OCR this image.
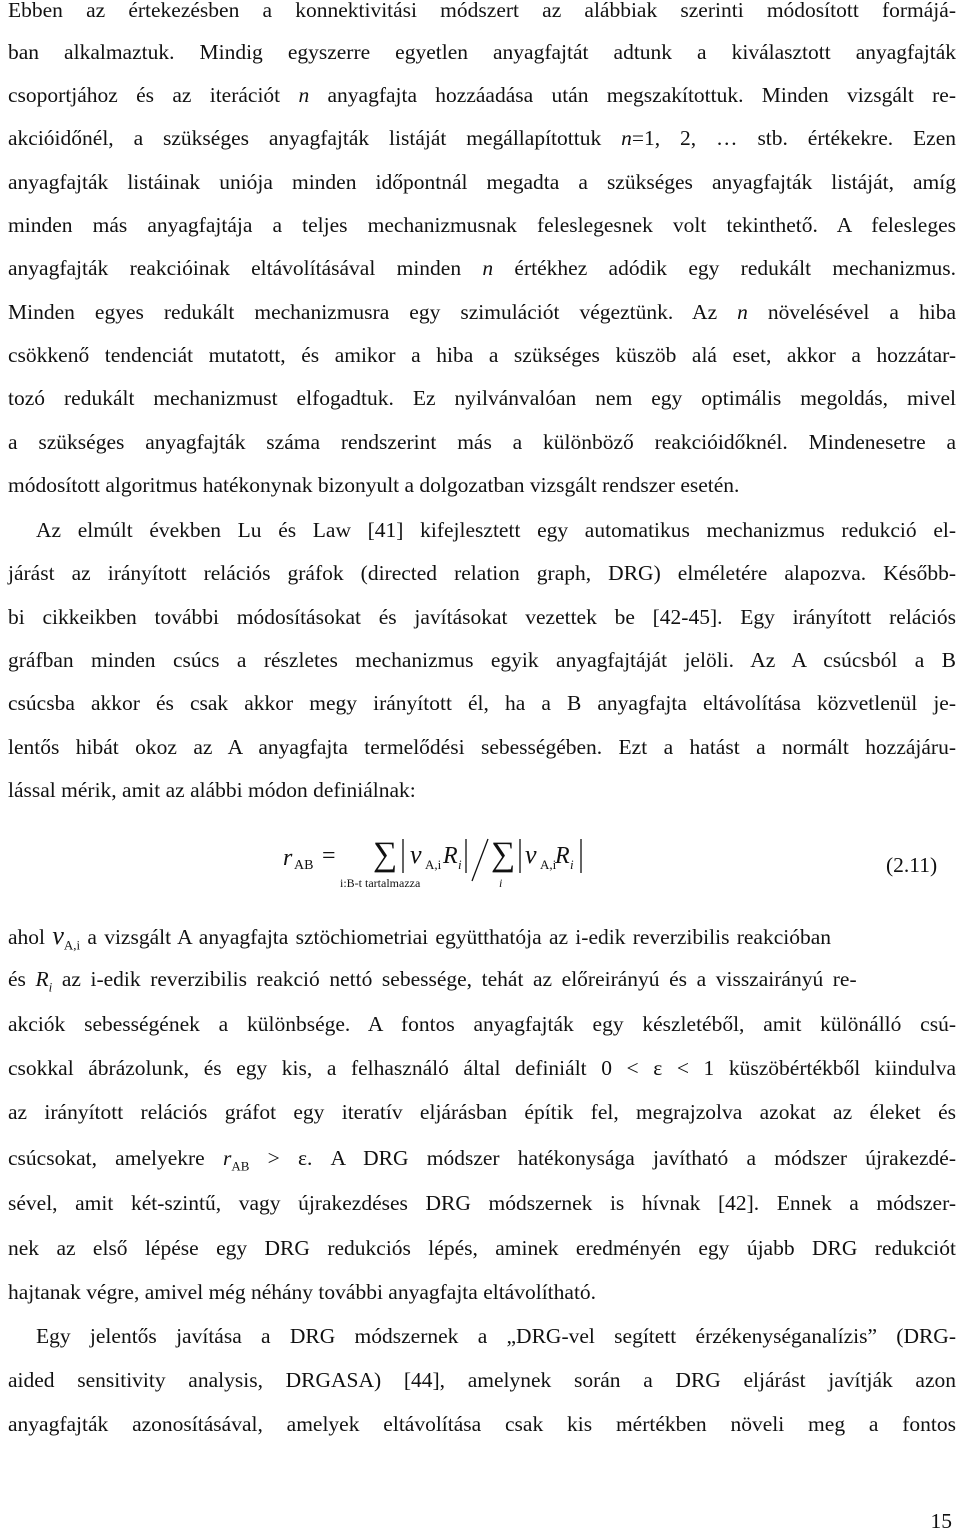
Ebben az értekezésben a konnektivitási módszert az alábbiak szerinti módosított formájá-
ban alkalmaztuk. Mindig egyszerre egyetlen anyagfajtát adtunk a kiválasztott anyagfajták
csoportjához és az iterációt n anyagfajta hozzáadása után megszakítottuk. Minden vizsgált re-
akcióidőnél, a szükséges anyagfajták listáját megállapítottuk n=1, 2, … stb. értékekre. Ezen
anyagfajták listáinak uniója minden időpontnál megadta a szükséges anyagfajták listáját, amíg
minden más anyagfajtája a teljes mechanizmusnak feleslegesnek volt tekinthető. A felesleges
anyagfajták reakcióinak eltávolításával minden n értékhez adódik egy redukált mechanizmus.
Minden egyes redukált mechanizmusra egy szimulációt végeztünk. Az n növelésével a hiba
csökkenő tendenciát mutatott, és amikor a hiba a szükséges küszöb alá eset, akkor a hozzátar-
tozó redukált mechanizmust elfogadtuk. Ez nyilvánvalóan nem egy optimális megoldás, mivel
a szükséges anyagfajták száma rendszerint más a különböző reakcióidőknél. Mindenesetre a
módosított algoritmus hatékonynak bizonyult a dolgozatban vizsgált rendszer esetén.
Az elmúlt években Lu és Law [41] kifejlesztett egy automatikus mechanizmus redukció el-
járást az irányított relációs gráfok (directed relation graph, DRG) elméletére alapozva. Később-
bi cikkeikben további módosításokat és javításokat vezettek be [42-45]. Egy irányított relációs
gráfban minden csúcs a részletes mechanizmus egyik anyagfajtáját jelöli. Az A csúcsból a B
csúcsba akkor és csak akkor megy irányított él, ha a B anyagfajta eltávolítása közvetlenül je-
lentős hibát okoz az A anyagfajta termelődési sebességében. Ezt a hatást a normált hozzájáru-
lással mérik, amit az alábbi módon definiálnak:
r AB = ∑
i:B-t tartalmazza
ν A,i R i ∑
i
ν A,i
R i	(2.11)
ahol $\nu_{A,i}$ a vizsgált A anyagfajta sztöchiometriai együtthatója az i-edik reverzibilis reakcióban
és $R_i$ az i-edik reverzibilis reakció nettó sebessége, tehát az előreirányú és a visszairányú re-
akciók sebességének a különbsége. A fontos anyagfajták egy készletéből, amit különálló csú-
csokkal ábrázolunk, és egy kis, a felhasználó által definiált 0 < ε < 1 küszöbértékből kiindulva
az irányított relációs gráfot egy iteratív eljárásban építik fel, megrajzolva azokat az éleket és
csúcsokat, amelyekre $r_{AB} > \varepsilon$. A DRG módszer hatékonysága javítható a módszer újrakezdé-
sével, amit két-szintű, vagy újrakezdéses DRG módszernek is hívnak [42]. Ennek a módszer-
nek az első lépése egy DRG redukciós lépés, aminek eredményén egy újabb DRG redukciót
hajtanak végre, amivel még néhány további anyagfajta eltávolítható.
Egy jelentős javítása a DRG módszernek a „DRG-vel segített érzékenységanalízis” (DRG-
aided sensitivity analysis, DRGASA) [44], amelynek során a DRG eljárást javítják azon
anyagfajták azonosításával, amelyek eltávolítása csak kis mértékben növeli meg a fontos
15
